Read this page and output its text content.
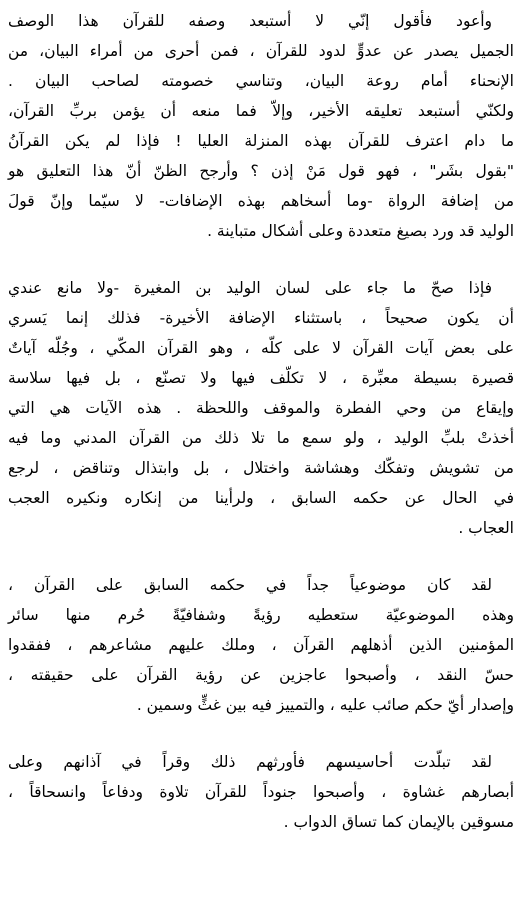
وأعود فأقول إنّي لا أستبعد وصفه للقرآن هذا الوصف
الجميل يصدر عن عدوٍّ لدود للقرآن ، فمن أحرى من أمراء البيان، من
الإنحناء أمام روعة البيان، وتناسي خصومته لصاحب البيان .
ولكنّي أستبعد تعليقه الأخير، وإلاّ فما منعه أن يؤمن بربِّ القرآن،
ما دام اعترف للقرآن بهذه المنزلة العليا ! فإذا لم يكن القرآنُ
"بقول بشَر" ، فهو قول مَنْ إذن ؟ وأرجح الظنّ أنّ هذا التعليق هو
من إضافة الرواة -وما أسخاهم بهذه الإضافات- لا سيّما وإنّ قولَ
الوليد قد ورد بصيغ متعددة وعلى أشكال متباينة .
فإذا صحّ ما جاء على لسان الوليد بن المغيرة -ولا مانع عندي
أن يكون صحيحاً ، باستثناء الإضافة الأخيرة- فذلك إنما يَسري
على بعض آيات القرآن لا على كلّه ، وهو القرآن المكّي ، وجُلّه آياتٌ
قصيرة بسيطة معبِّرة ، لا تكلّف فيها ولا تصنّع ، بل فيها سلاسة
وإيقاع من وحي الفطرة والموقف واللحظة . هذه الآيات هي التي
أخذتْ بلبِّ الوليد ، ولو سمع ما تلا ذلك من القرآن المدني وما فيه
من تشويش وتفكّك وهشاشة واختلال ، بل وابتذال وتناقض ، لرجع
في الحال عن حكمه السابق ، ولرأينا من إنكاره ونكيره العجب
العجاب .
لقد كان موضوعياً جداً في حكمه السابق على القرآن ،
وهذه الموضوعيّة ستعطيه رؤيةً وشفافيّةً حُرم منها سائر
المؤمنين الذين أذهلهم القرآن ، وملك عليهم مشاعرهم ، ففقدوا
حسّ النقد ، وأصبحوا عاجزين عن رؤية القرآن على حقيقته ،
وإصدار أيّ حكم صائب عليه ، والتمييز فيه بين غثٍّ وسمين .
لقد تبلّدت أحاسيسهم فأورثهم ذلك وقراً في آذانهم وعلى
أبصارهم غشاوة ، وأصبحوا جنوداً للقرآن تلاوة ودفاعاً وانسحاقاً ،
مسوقين بالإيمان كما تساق الدواب .
